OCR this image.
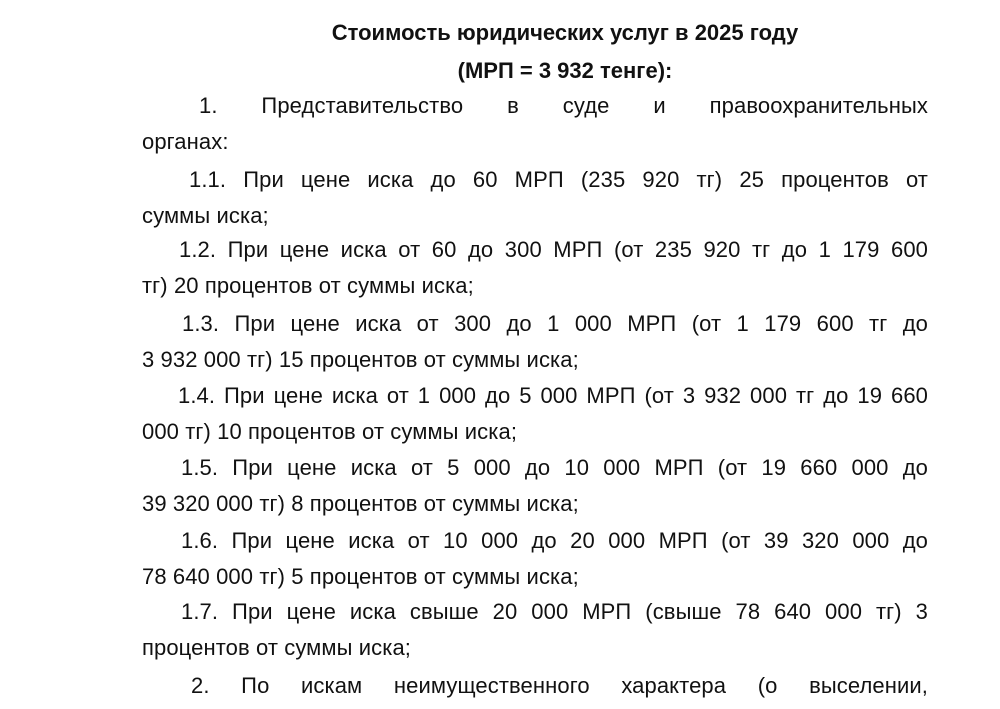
Стоимость юридических услуг в 2025 году
(МРП = 3 932 тенге):
1. Представительство в суде и правоохранительных
органах:
1.1. При цене иска до 60 МРП (235 920 тг) 25 процентов от
суммы иска;
1.2. При цене иска от 60 до 300 МРП (от 235 920 тг до 1 179 600
тг) 20 процентов от суммы иска;
1.3. При цене иска от 300 до 1 000 МРП (от 1 179 600 тг до
3 932 000 тг) 15 процентов от суммы иска;
1.4. При цене иска от 1 000 до 5 000 МРП (от 3 932 000 тг до 19 660
000 тг) 10 процентов от суммы иска;
1.5. При цене иска от 5 000 до 10 000 МРП (от 19 660 000 до
39 320 000 тг) 8 процентов от суммы иска;
1.6. При цене иска от 10 000 до 20 000 МРП (от 39 320 000 до
78 640 000 тг) 5 процентов от суммы иска;
1.7. При цене иска свыше 20 000 МРП (свыше 78 640 000 тг) 3
процентов от суммы иска;
2. По искам неимущественного характера (о выселении,
